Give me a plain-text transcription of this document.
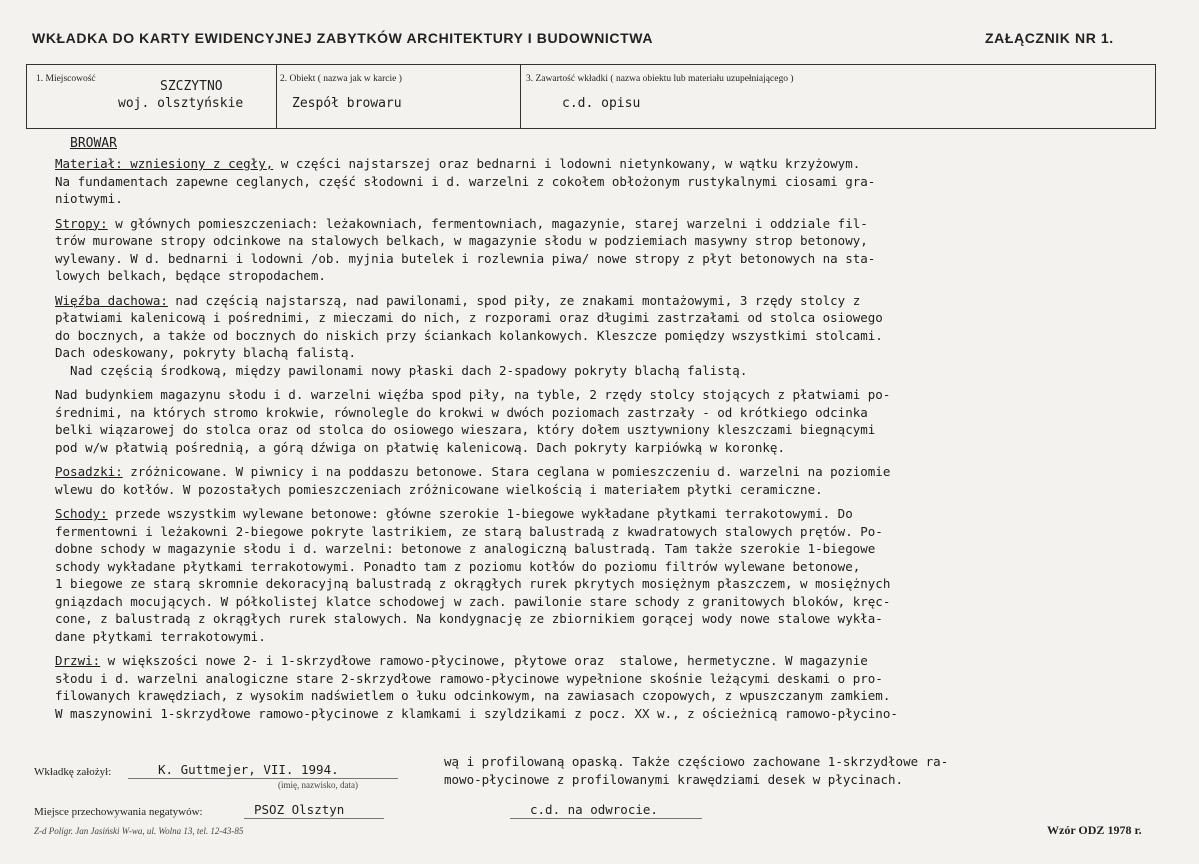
WKŁADKA DO KARTY EWIDENCYJNEJ ZABYTKÓW ARCHITEKTURY I BUDOWNICTWA	ZAŁĄCZNIK NR 1.
1. Miejscowość	SZCZYTNO
woj. olsztyńskie
2. Obiekt ( nazwa jak w karcie )
Zespół browaru
3. Zawartość wkładki ( nazwa obiektu lub materiału uzupełniającego )
c.d. opisu
BROWAR
Materiał: wzniesiony z cegły, w części najstarszej oraz bednarni i lodowni nietynkowany, w wątku krzyżowym.
Na fundamentach zapewne ceglanych, część słodowni i d. warzelni z cokołem obłożonym rustykalnymi ciosami gra-
niotwymi.
Stropy: w głównych pomieszczeniach: leżakowniach, fermentowniach, magazynie, starej warzelni i oddziale fil-
trów murowane stropy odcinkowe na stalowych belkach, w magazynie słodu w podziemiach masywny strop betonowy,
wylewany. W d. bednarni i lodowni /ob. myjnia butelek i rozlewnia piwa/ nowe stropy z płyt betonowych na sta-
lowych belkach, będące stropodachem.
Więźba dachowa: nad częścią najstarszą, nad pawilonami, spod piły, ze znakami montażowymi, 3 rzędy stolcy z
płatwiami kalenicową i pośrednimi, z mieczami do nich, z rozporami oraz długimi zastrzałami od stolca osiowego
do bocznych, a także od bocznych do niskich przy ściankach kolankowych. Kleszcze pomiędzy wszystkimi stolcami.
Dach odeskowany, pokryty blachą falistą.
Nad częścią środkową, między pawilonami nowy płaski dach 2-spadowy pokryty blachą falistą.
Nad budynkiem magazynu słodu i d. warzelni więźba spod piły, na tyble, 2 rzędy stolcy stojących z płatwiami po-
średnimi, na których stromo krokwie, równolegle do krokwi w dwóch poziomach zastrzały - od krótkiego odcinka
belki wiązarowej do stolca oraz od stolca do osiowego wieszara, który dołem usztywniony kleszczami biegnącymi
pod w/w płatwią pośrednią, a górą dźwiga on płatwię kalenicową. Dach pokryty karpiówką w koronkę.
Posadzki: zróżnicowane. W piwnicy i na poddaszu betonowe. Stara ceglana w pomieszczeniu d. warzelni na poziomie
wlewu do kotłów. W pozostałych pomieszczeniach zróżnicowane wielkością i materiałem płytki ceramiczne.
Schody: przede wszystkim wylewane betonowe: główne szerokie 1-biegowe wykładane płytkami terrakotowymi. Do
fermentowni i leżakowni 2-biegowe pokryte lastrikiem, ze starą balustradą z kwadratowych stalowych prętów. Po-
dobne schody w magazynie słodu i d. warzelni: betonowe z analogiczną balustradą. Tam także szerokie 1-biegowe
schody wykładane płytkami terrakotowymi. Ponadto tam z poziomu kotłów do poziomu filtrów wylewane betonowe,
1 biegowe ze starą skromnie dekoracyjną balustradą z okrągłych rurek pkrytych mosiężnym płaszczem, w mosiężnych
gniązdach mocujących. W półkolistej klatce schodowej w zach. pawilonie stare schody z granitowych bloków, kręc-
cone, z balustradą z okrągłych rurek stalowych. Na kondygnację ze zbiornikiem gorącej wody nowe stalowe wykła-
dane płytkami terrakotowymi.
Drzwi: w większości nowe 2- i 1-skrzydłowe ramowo-płycinowe, płytowe oraz  stalowe, hermetyczne. W magazynie
słodu i d. warzelni analogiczne stare 2-skrzydłowe ramowo-płycinowe wypełnione skośnie leżącymi deskami o pro-
filowanych krawędziach, z wysokim nadświetlem o łuku odcinkowym, na zawiasach czopowych, z wpuszczanym zamkiem.
W maszynowini 1-skrzydłowe ramowo-płycinowe z klamkami i szyldzikami z pocz. XX w., z ościeżnicą ramowo-płycino-
wą i profilowaną opaską. Także częściowo zachowane 1-skrzydłowe ra-
mowo-płycinowe z profilowanymi krawędziami desek w płycinach.
Wkładkę założył:	K. Guttmejer, VII. 1994.
(imię, nazwisko, data)
Miejsce przechowywania negatywów:	PSOZ Olsztyn	c.d. na odwrocie.
Z-d Polígr. Jan Jasiński W-wa, ul. Wolna 13, tel. 12-43-85	Wzór ODZ 1978 r.
